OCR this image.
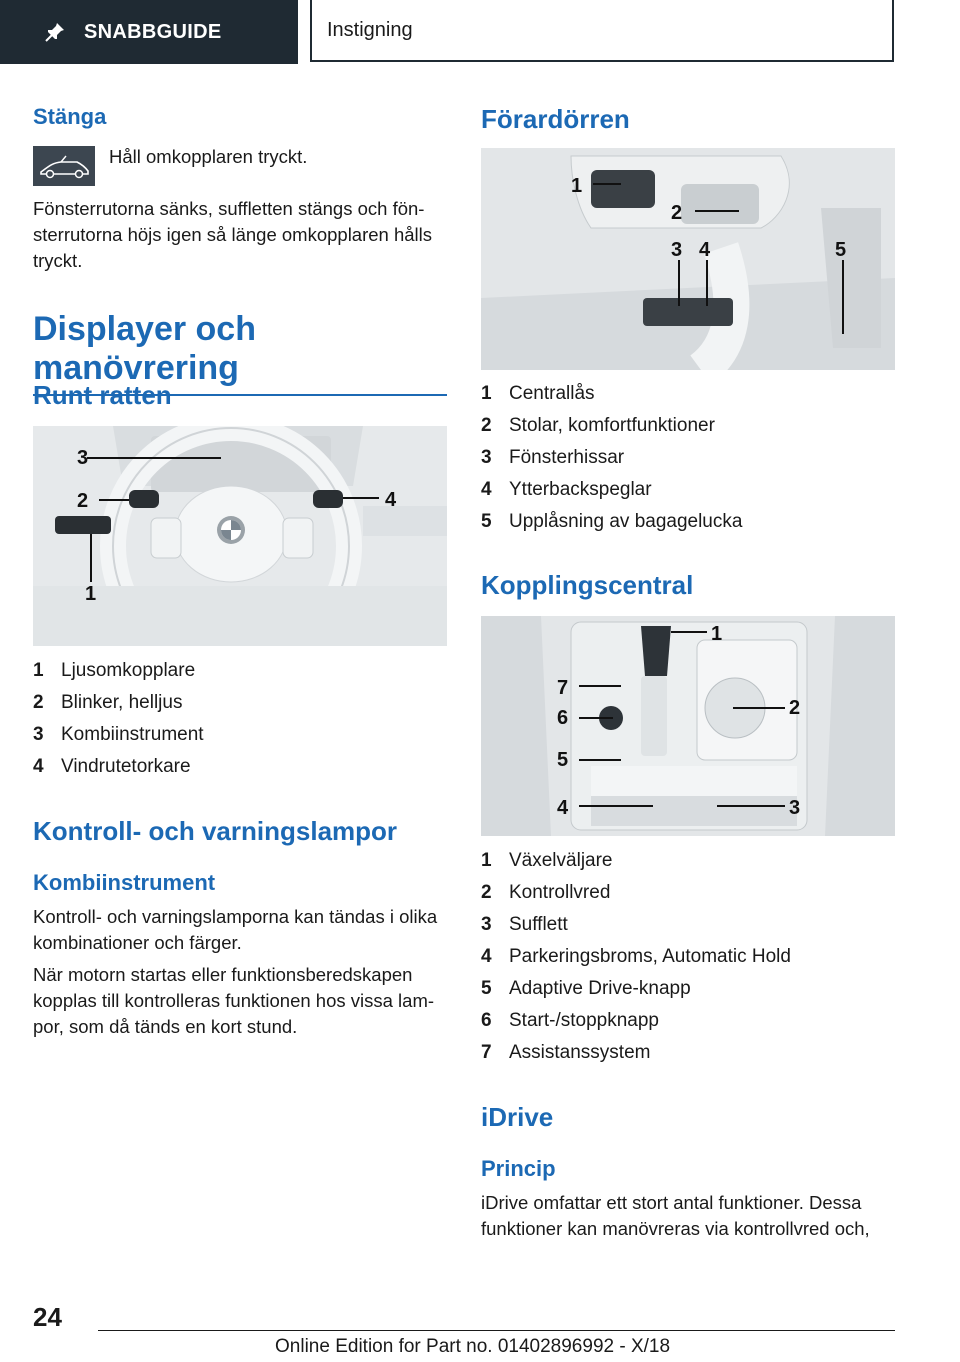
SNABBGUIDE	Instigning
Stänga

Håll omkopplaren tryckt.

Fönsterrutorna sänks, suffletten stängs och fön- sterrutorna höjs igen så länge omkopplaren hålls tryckt.

Displayer och manövrering
Runt ratten
3
2	4
1
1 Ljusomkopplare
2 Blinker, helljus
3 Kombiinstrument
4 Vindrutetorkare
Kontroll- och varningslampor
Kombiinstrument

Kontroll- och varningslamporna kan tändas i olika kombinationer och färger.

När motorn startas eller funktionsberedskapen kopplas till kontrolleras funktionen hos vissa lam- por, som då tänds en kort stund.

Förardörren
1
2
3 4	5
1 Centrallås
2 Stolar, komfortfunktioner
3 Fönsterhissar
4 Ytterbackspeglar
5 Upplåsning av bagagelucka
Kopplingscentral
1
2
3
4
5
6
7
1 Växelväljare
2 Kontrollvred
3 Sufflett
4 Parkeringsbroms, Automatic Hold
5 Adaptive Drive-knapp
6 Start-/stoppknapp
7 Assistanssystem
iDrive
Princip

iDrive omfattar ett stort antal funktioner. Dessa funktioner kan manövreras via kontrollvred och,

24
Online Edition for Part no. 01402896992 - X/18
